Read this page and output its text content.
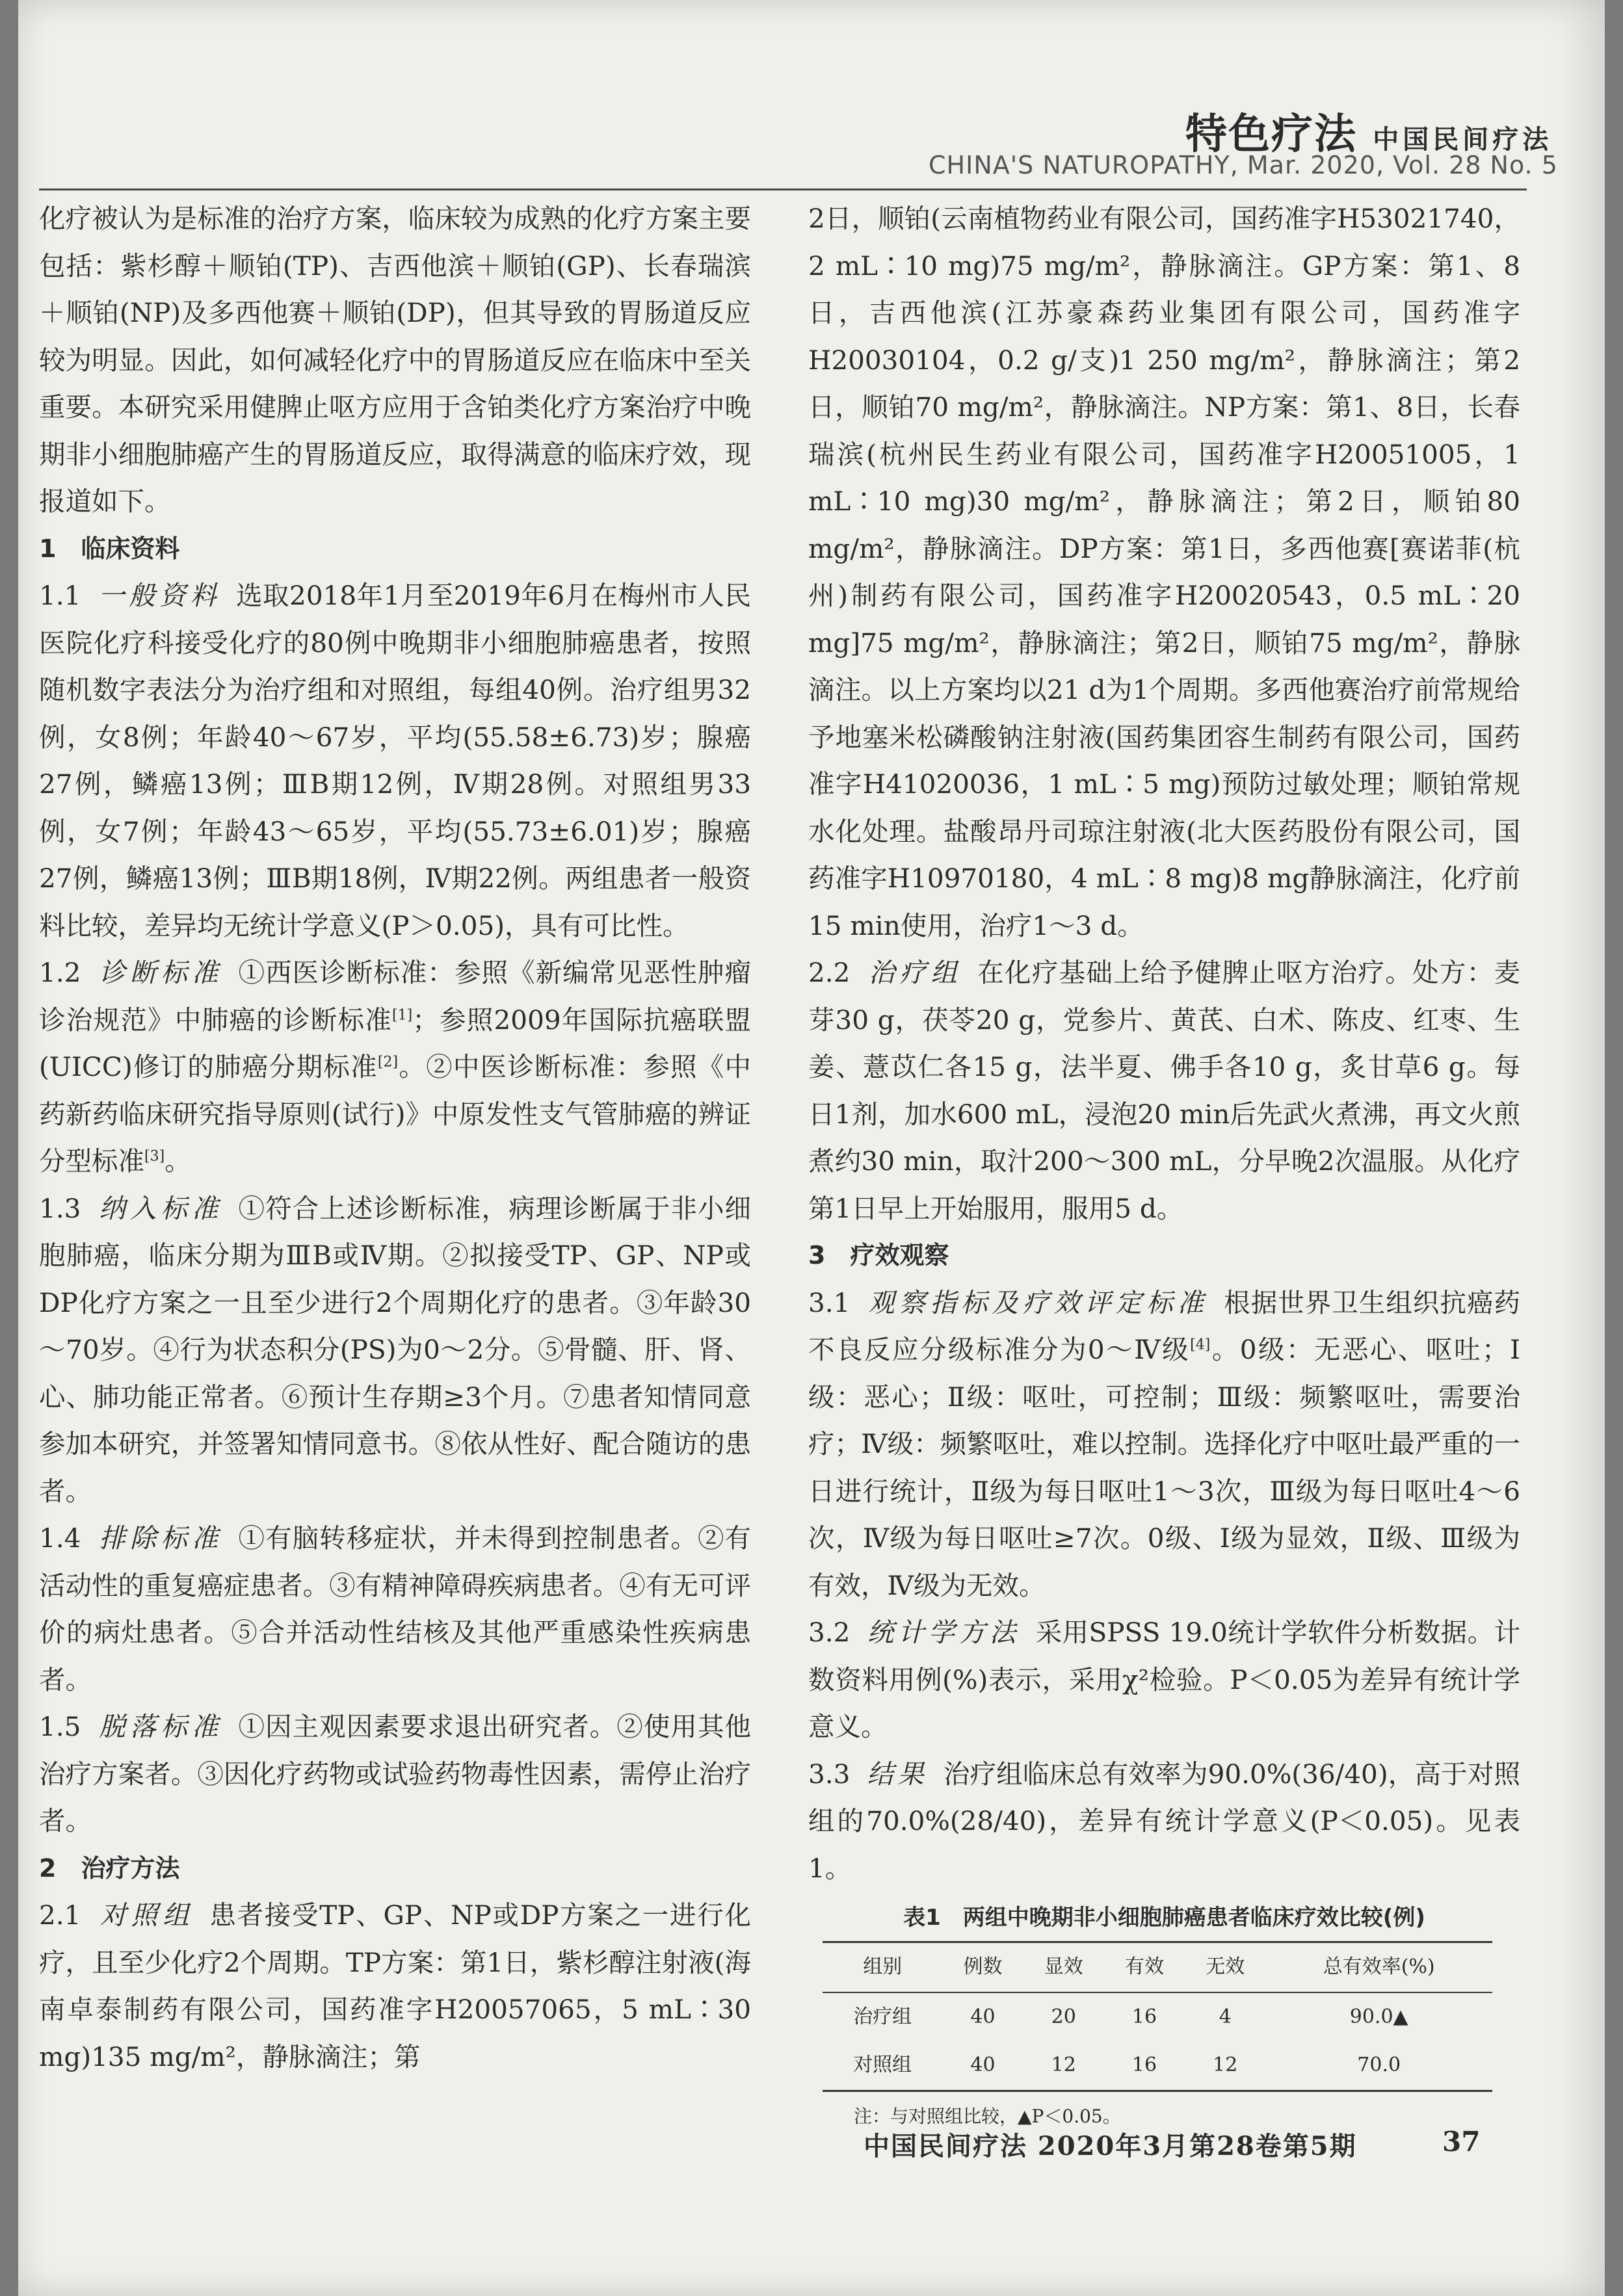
特色疗法 中国民间疗法
CHINA'S NATUROPATHY, Mar. 2020, Vol. 28 No. 5

化疗被认为是标准的治疗方案，临床较为成熟的化疗方案主要包括：紫杉醇＋顺铂(TP)、吉西他滨＋顺铂(GP)、长春瑞滨＋顺铂(NP)及多西他赛＋顺铂(DP)，但其导致的胃肠道反应较为明显。因此，如何减轻化疗中的胃肠道反应在临床中至关重要。本研究采用健脾止呕方应用于含铂类化疗方案治疗中晚期非小细胞肺癌产生的胃肠道反应，取得满意的临床疗效，现报道如下。

1　临床资料

1.1 一般资料 选取2018年1月至2019年6月在梅州市人民医院化疗科接受化疗的80例中晚期非小细胞肺癌患者，按照随机数字表法分为治疗组和对照组，每组40例。治疗组男32例，女8例；年龄40～67岁，平均(55.58±6.73)岁；腺癌27例，鳞癌13例；ⅢB期12例，Ⅳ期28例。对照组男33例，女7例；年龄43～65岁，平均(55.73±6.01)岁；腺癌27例，鳞癌13例；ⅢB期18例，Ⅳ期22例。两组患者一般资料比较，差异均无统计学意义(P＞0.05)，具有可比性。

1.2 诊断标准 ①西医诊断标准：参照《新编常见恶性肿瘤诊治规范》中肺癌的诊断标准[1]；参照2009年国际抗癌联盟(UICC)修订的肺癌分期标准[2]。②中医诊断标准：参照《中药新药临床研究指导原则(试行)》中原发性支气管肺癌的辨证分型标准[3]。

1.3 纳入标准 ①符合上述诊断标准，病理诊断属于非小细胞肺癌，临床分期为ⅢB或Ⅳ期。②拟接受TP、GP、NP或DP化疗方案之一且至少进行2个周期化疗的患者。③年龄30～70岁。④行为状态积分(PS)为0～2分。⑤骨髓、肝、肾、心、肺功能正常者。⑥预计生存期≥3个月。⑦患者知情同意参加本研究，并签署知情同意书。⑧依从性好、配合随访的患者。

1.4 排除标准 ①有脑转移症状，并未得到控制患者。②有活动性的重复癌症患者。③有精神障碍疾病患者。④有无可评价的病灶患者。⑤合并活动性结核及其他严重感染性疾病患者。

1.5 脱落标准 ①因主观因素要求退出研究者。②使用其他治疗方案者。③因化疗药物或试验药物毒性因素，需停止治疗者。

2　治疗方法

2.1 对照组 患者接受TP、GP、NP或DP方案之一进行化疗，且至少化疗2个周期。TP方案：第1日，紫杉醇注射液(海南卓泰制药有限公司，国药准字H20057065，5 mL∶30 mg)135 mg/m²，静脉滴注；第

2日，顺铂(云南植物药业有限公司，国药准字H53021740，2 mL∶10 mg)75 mg/m²，静脉滴注。GP方案：第1、8日，吉西他滨(江苏豪森药业集团有限公司，国药准字H20030104，0.2 g/支)1 250 mg/m²，静脉滴注；第2日，顺铂70 mg/m²，静脉滴注。NP方案：第1、8日，长春瑞滨(杭州民生药业有限公司，国药准字H20051005，1 mL∶10 mg)30 mg/m²，静脉滴注；第2日，顺铂80 mg/m²，静脉滴注。DP方案：第1日，多西他赛[赛诺菲(杭州)制药有限公司，国药准字H20020543，0.5 mL∶20 mg]75 mg/m²，静脉滴注；第2日，顺铂75 mg/m²，静脉滴注。以上方案均以21 d为1个周期。多西他赛治疗前常规给予地塞米松磷酸钠注射液(国药集团容生制药有限公司，国药准字H41020036，1 mL∶5 mg)预防过敏处理；顺铂常规水化处理。盐酸昂丹司琼注射液(北大医药股份有限公司，国药准字H10970180，4 mL∶8 mg)8 mg静脉滴注，化疗前15 min使用，治疗1～3 d。

2.2 治疗组 在化疗基础上给予健脾止呕方治疗。处方：麦芽30 g，茯苓20 g，党参片、黄芪、白术、陈皮、红枣、生姜、薏苡仁各15 g，法半夏、佛手各10 g，炙甘草6 g。每日1剂，加水600 mL，浸泡20 min后先武火煮沸，再文火煎煮约30 min，取汁200～300 mL，分早晚2次温服。从化疗第1日早上开始服用，服用5 d。

3　疗效观察

3.1 观察指标及疗效评定标准 根据世界卫生组织抗癌药不良反应分级标准分为0～Ⅳ级[4]。0级：无恶心、呕吐；Ⅰ级：恶心；Ⅱ级：呕吐，可控制；Ⅲ级：频繁呕吐，需要治疗；Ⅳ级：频繁呕吐，难以控制。选择化疗中呕吐最严重的一日进行统计，Ⅱ级为每日呕吐1～3次，Ⅲ级为每日呕吐4～6次，Ⅳ级为每日呕吐≥7次。0级、Ⅰ级为显效，Ⅱ级、Ⅲ级为有效，Ⅳ级为无效。

3.2 统计学方法 采用SPSS 19.0统计学软件分析数据。计数资料用例(%)表示，采用χ²检验。P＜0.05为差异有统计学意义。

3.3 结果 治疗组临床总有效率为90.0%(36/40)，高于对照组的70.0%(28/40)，差异有统计学意义(P＜0.05)。见表1。

表1　两组中晚期非小细胞肺癌患者临床疗效比较(例)
组别	例数	显效	有效	无效	总有效率(%)
治疗组	40	20	16	4	90.0▲
对照组	40	12	16	12	70.0
注：与对照组比较，▲P＜0.05。
中国民间疗法 2020年3月第28卷第5期	37
